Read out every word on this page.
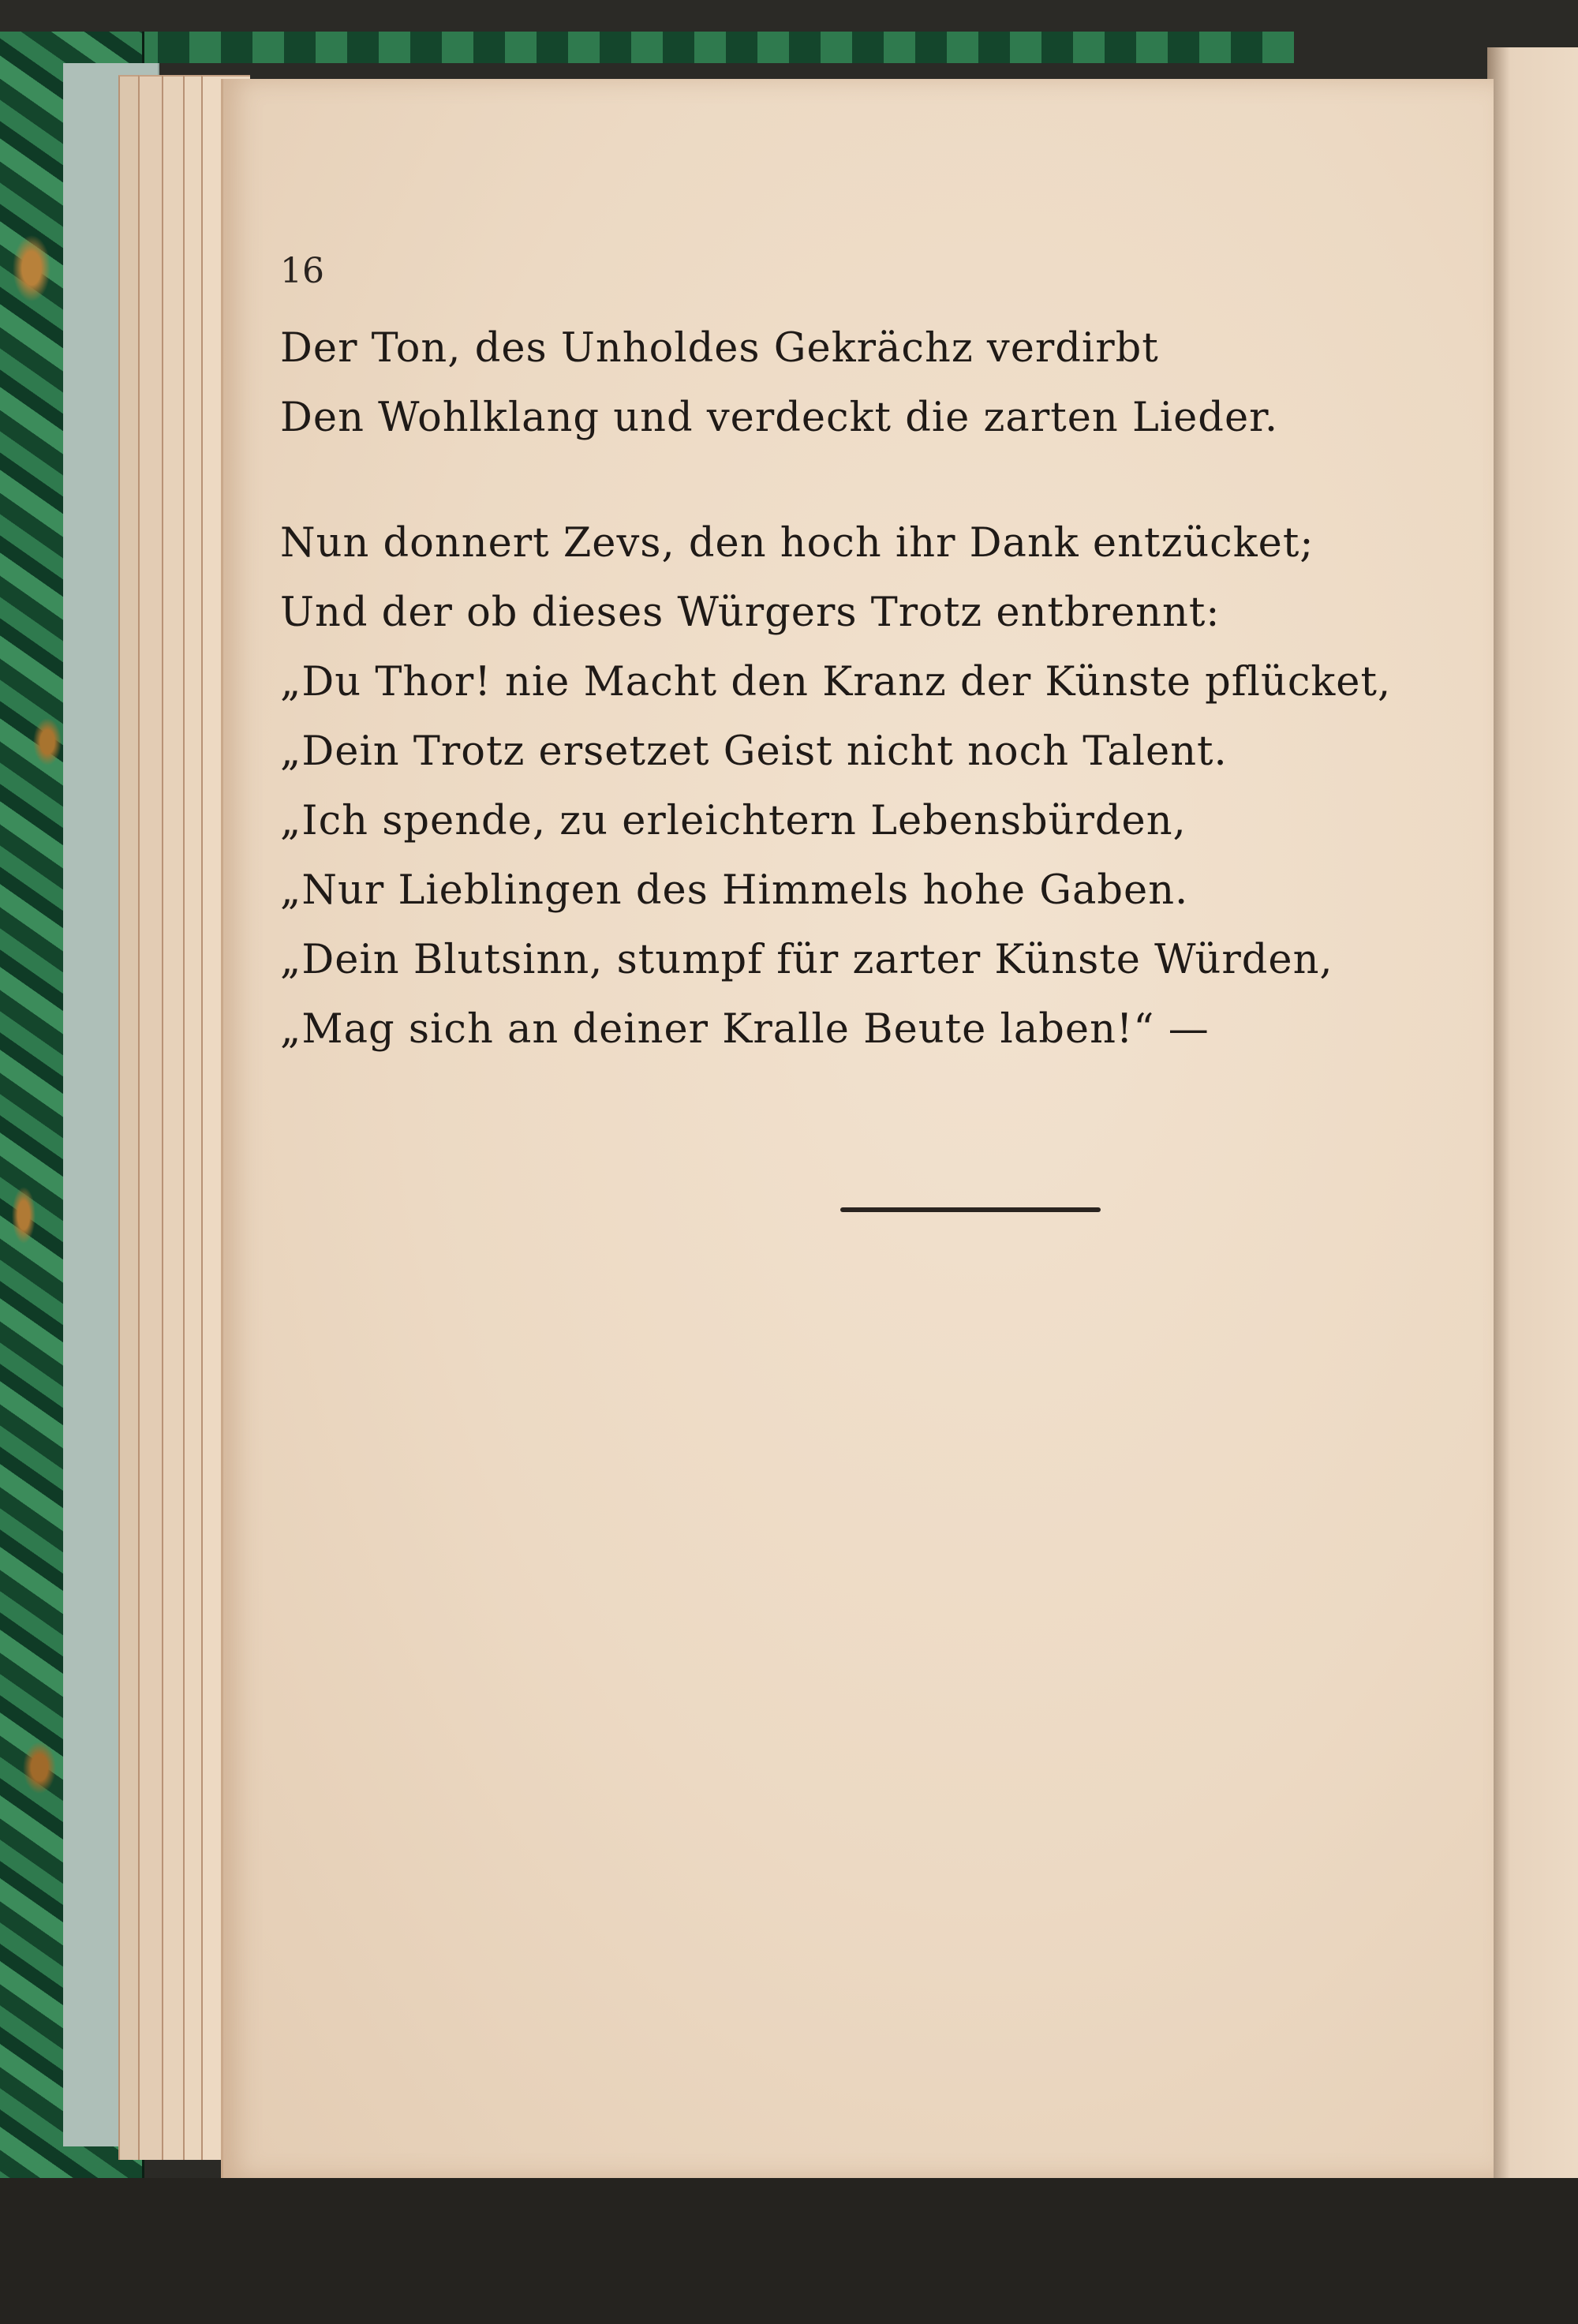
16

Der Ton, des Unholdes Gekrächz verdirbt
Den Wohlklang und verdeckt die zarten Lieder.
Nun donnert Zevs, den hoch ihr Dank entzücket;
Und der ob dieses Würgers Trotz entbrennt:
„Du Thor! nie Macht den Kranz der Künste pflücket,
„Dein Trotz ersetzet Geist nicht noch Talent.
„Ich spende, zu erleichtern Lebensbürden,
„Nur Lieblingen des Himmels hohe Gaben.
„Dein Blutsinn, stumpf für zarter Künste Würden,
„Mag sich an deiner Kralle Beute laben!“ —
